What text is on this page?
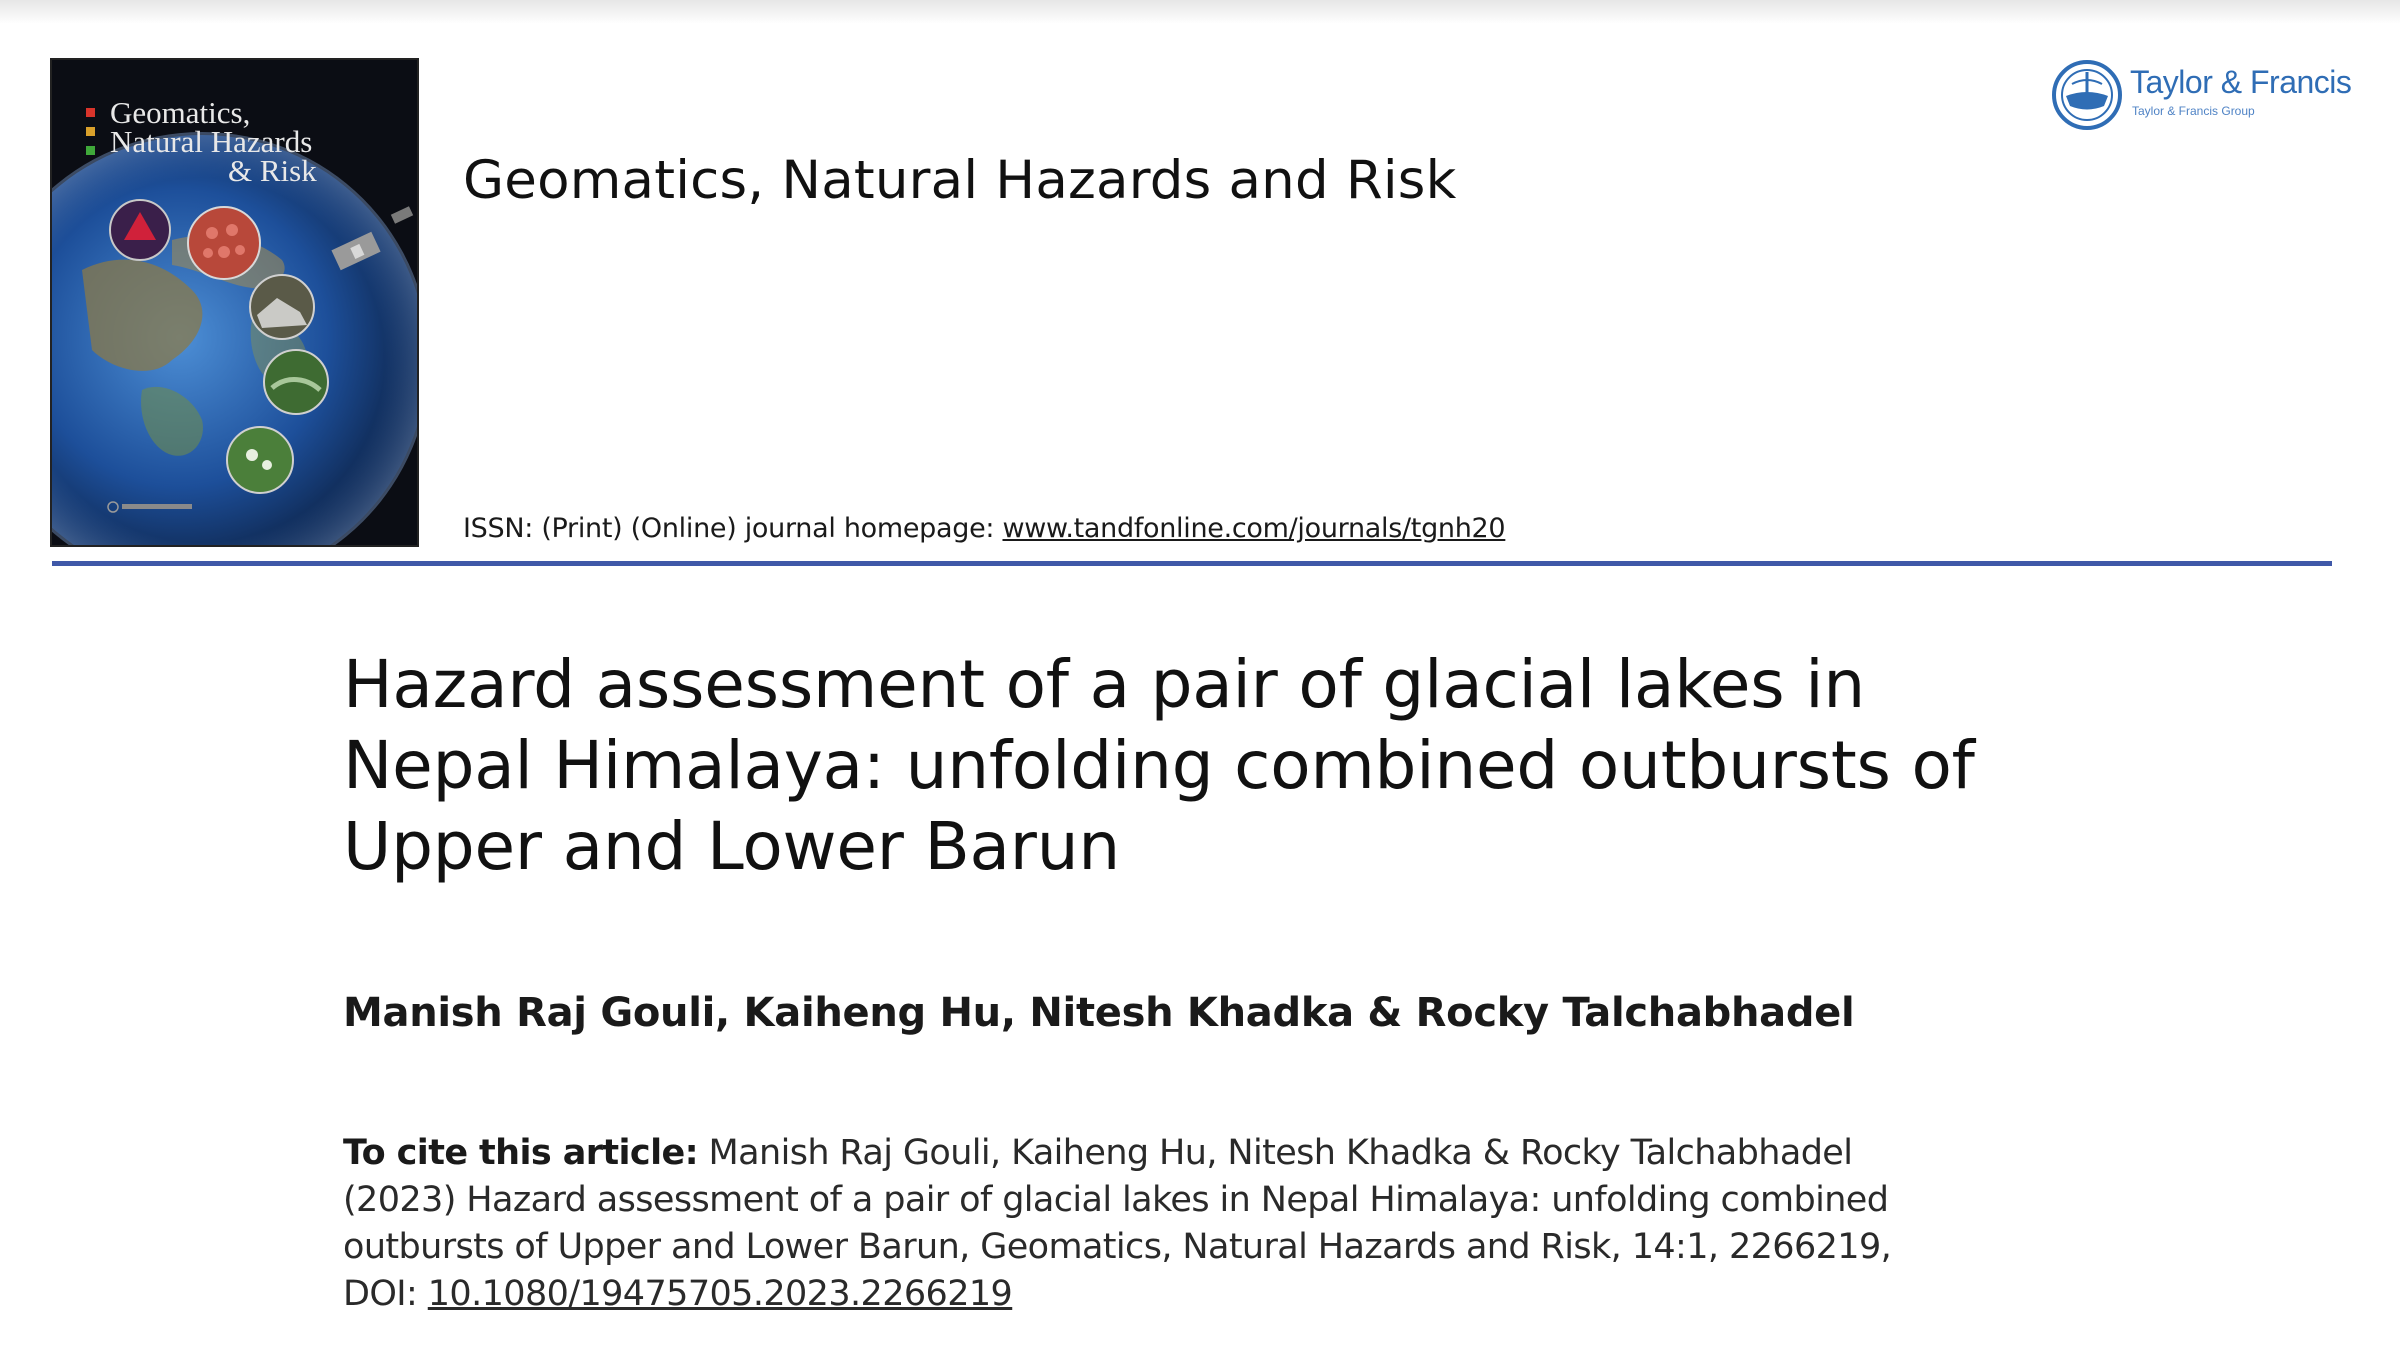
Geomatics,
Natural Hazards
& Risk	Geomatics, Natural Hazards and Risk
Taylor & Francis
Taylor & Francis Group
ISSN: (Print) (Online) journal homepage: www.tandfonline.com/journals/tgnh20
Hazard assessment of a pair of glacial lakes in
Nepal Himalaya: unfolding combined outbursts of
Upper and Lower Barun
Manish Raj Gouli, Kaiheng Hu, Nitesh Khadka & Rocky Talchabhadel
To cite this article: Manish Raj Gouli, Kaiheng Hu, Nitesh Khadka & Rocky Talchabhadel
(2023) Hazard assessment of a pair of glacial lakes in Nepal Himalaya: unfolding combined
outbursts of Upper and Lower Barun, Geomatics, Natural Hazards and Risk, 14:1, 2266219,
DOI: 10.1080/19475705.2023.2266219
